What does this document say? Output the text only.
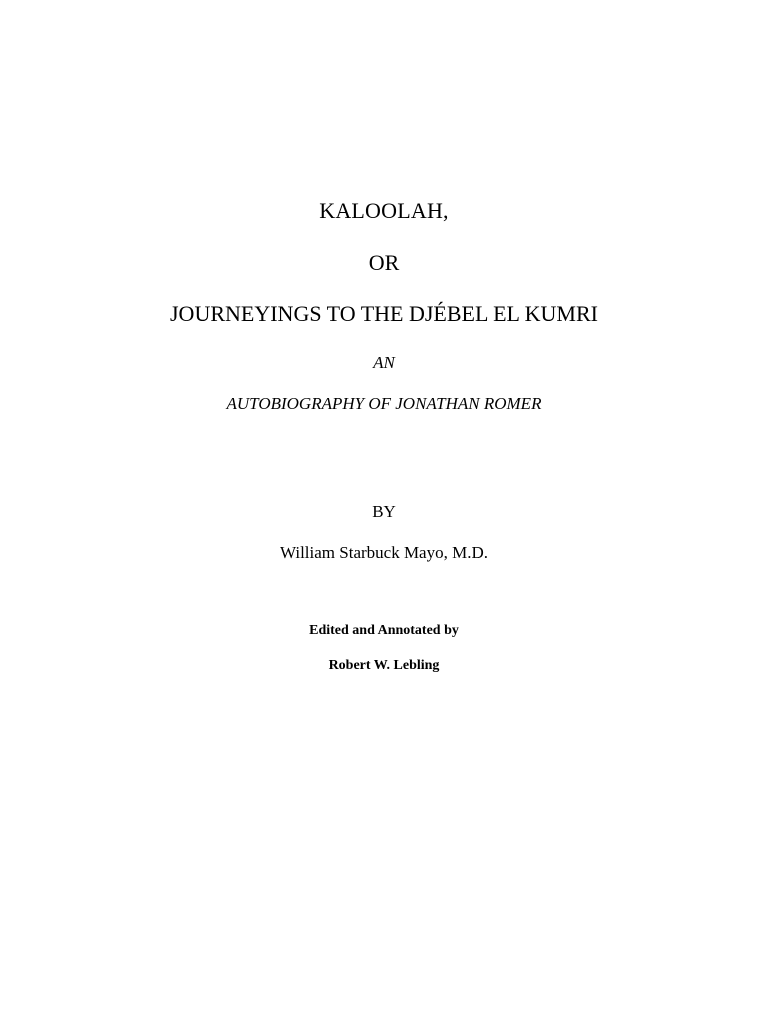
KALOOLAH,
OR
JOURNEYINGS TO THE DJÉBEL EL KUMRI
AN
AUTOBIOGRAPHY OF JONATHAN ROMER
BY
William Starbuck Mayo, M.D.
Edited and Annotated by
Robert W. Lebling
